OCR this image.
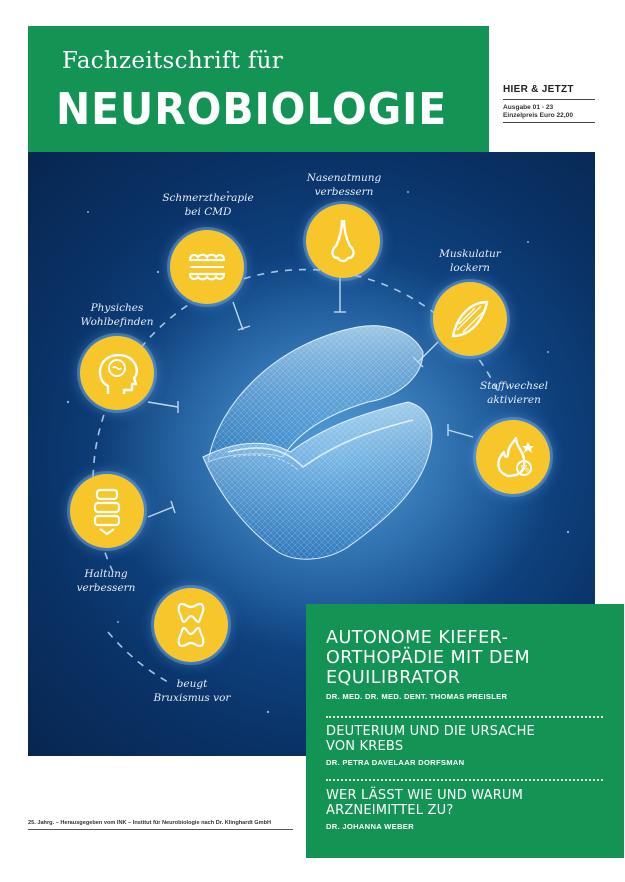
Fachzeitschrift für
NEUROBIOLOGIE	HIER & JETZT
Ausgabe 01 - 23
Einzelpreis Euro 22,00
%
Schmerztherapie
bei CMD
Nasenatmung
verbessern
Muskulatur
lockern
Physiches
Wohlbefinden
Stoffwechsel
aktivieren
Haltung
verbessern
beugt
Bruxismus vor
25. Jahrg. – Herausgegeben vom INK – Institut für Neurobiologie nach Dr. Klinghardt GmbH
AUTONOME KIEFER-
ORTHOPÄDIE MIT DEM
EQUILIBRATOR
DR. MED. DR. MED. DENT. THOMAS PREISLER
DEUTERIUM UND DIE URSACHE
VON KREBS
DR. PETRA DAVELAAR DORFSMAN
WER LÄSST WIE UND WARUM
ARZNEIMITTEL ZU?
DR. JOHANNA WEBER
